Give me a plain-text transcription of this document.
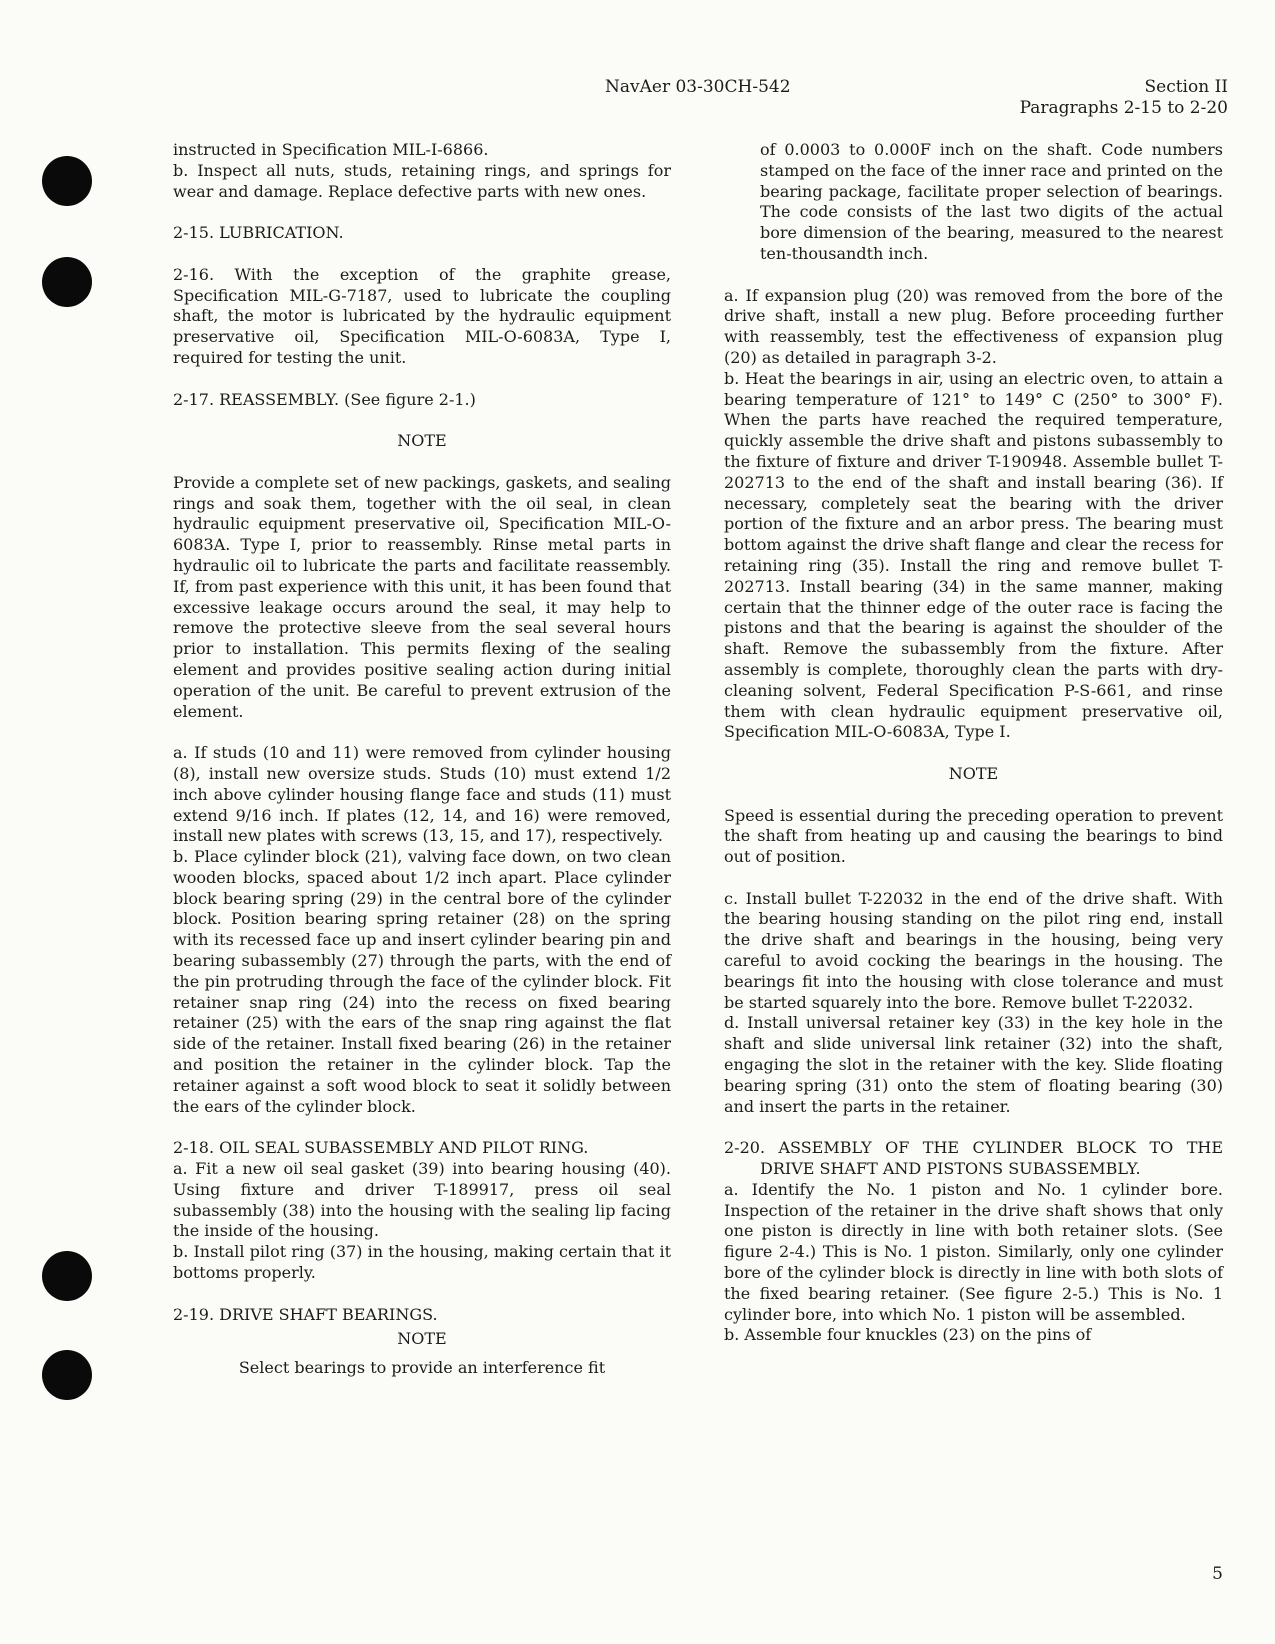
NavAer 03-30CH-542	Section II
Paragraphs 2-15 to 2-20

instructed in Specification MIL-I-6866.

b. Inspect all nuts, studs, retaining rings, and springs for wear and damage. Replace defective parts with new ones.

2-15. LUBRICATION.

2-16. With the exception of the graphite grease, Specification MIL-G-7187, used to lubricate the coupling shaft, the motor is lubricated by the hydraulic equipment preservative oil, Specification MIL-O-6083A, Type I, required for testing the unit.

2-17. REASSEMBLY. (See figure 2-1.)

NOTE

Provide a complete set of new packings, gaskets, and sealing rings and soak them, together with the oil seal, in clean hydraulic equipment preservative oil, Specification MIL-O-6083A. Type I, prior to reassembly. Rinse metal parts in hydraulic oil to lubricate the parts and facilitate reassembly. If, from past experience with this unit, it has been found that excessive leakage occurs around the seal, it may help to remove the protective sleeve from the seal several hours prior to installation. This permits flexing of the sealing element and provides positive sealing action during initial operation of the unit. Be careful to prevent extrusion of the element.

a. If studs (10 and 11) were removed from cylinder housing (8), install new oversize studs. Studs (10) must extend 1/2 inch above cylinder housing flange face and studs (11) must extend 9/16 inch. If plates (12, 14, and 16) were removed, install new plates with screws (13, 15, and 17), respectively.

b. Place cylinder block (21), valving face down, on two clean wooden blocks, spaced about 1/2 inch apart. Place cylinder block bearing spring (29) in the central bore of the cylinder block. Position bearing spring retainer (28) on the spring with its recessed face up and insert cylinder bearing pin and bearing subassembly (27) through the parts, with the end of the pin protruding through the face of the cylinder block. Fit retainer snap ring (24) into the recess on fixed bearing retainer (25) with the ears of the snap ring against the flat side of the retainer. Install fixed bearing (26) in the retainer and position the retainer in the cylinder block. Tap the retainer against a soft wood block to seat it solidly between the ears of the cylinder block.

2-18. OIL SEAL SUBASSEMBLY AND PILOT RING.

a. Fit a new oil seal gasket (39) into bearing housing (40). Using fixture and driver T-189917, press oil seal subassembly (38) into the housing with the sealing lip facing the inside of the housing.

b. Install pilot ring (37) in the housing, making certain that it bottoms properly.

2-19. DRIVE SHAFT BEARINGS.

NOTE

Select bearings to provide an interference fit

of 0.0003 to 0.000F inch on the shaft. Code numbers stamped on the face of the inner race and printed on the bearing package, facilitate proper selection of bearings. The code consists of the last two digits of the actual bore dimension of the bearing, measured to the nearest ten-thousandth inch.

a. If expansion plug (20) was removed from the bore of the drive shaft, install a new plug. Before proceeding further with reassembly, test the effectiveness of expansion plug (20) as detailed in paragraph 3-2.

b. Heat the bearings in air, using an electric oven, to attain a bearing temperature of 121° to 149° C (250° to 300° F). When the parts have reached the required temperature, quickly assemble the drive shaft and pistons subassembly to the fixture of fixture and driver T-190948. Assemble bullet T-202713 to the end of the shaft and install bearing (36). If necessary, completely seat the bearing with the driver portion of the fixture and an arbor press. The bearing must bottom against the drive shaft flange and clear the recess for retaining ring (35). Install the ring and remove bullet T-202713. Install bearing (34) in the same manner, making certain that the thinner edge of the outer race is facing the pistons and that the bearing is against the shoulder of the shaft. Remove the subassembly from the fixture. After assembly is complete, thoroughly clean the parts with dry-cleaning solvent, Federal Specification P-S-661, and rinse them with clean hydraulic equipment preservative oil, Specification MIL-O-6083A, Type I.

NOTE

Speed is essential during the preceding operation to prevent the shaft from heating up and causing the bearings to bind out of position.

c. Install bullet T-22032 in the end of the drive shaft. With the bearing housing standing on the pilot ring end, install the drive shaft and bearings in the housing, being very careful to avoid cocking the bearings in the housing. The bearings fit into the housing with close tolerance and must be started squarely into the bore. Remove bullet T-22032.

d. Install universal retainer key (33) in the key hole in the shaft and slide universal link retainer (32) into the shaft, engaging the slot in the retainer with the key. Slide floating bearing spring (31) onto the stem of floating bearing (30) and insert the parts in the retainer.

2-20. ASSEMBLY OF THE CYLINDER BLOCK TO THE DRIVE SHAFT AND PISTONS SUBASSEMBLY.

a. Identify the No. 1 piston and No. 1 cylinder bore. Inspection of the retainer in the drive shaft shows that only one piston is directly in line with both retainer slots. (See figure 2-4.) This is No. 1 piston. Similarly, only one cylinder bore of the cylinder block is directly in line with both slots of the fixed bearing retainer. (See figure 2-5.) This is No. 1 cylinder bore, into which No. 1 piston will be assembled.

b. Assemble four knuckles (23) on the pins of

5
